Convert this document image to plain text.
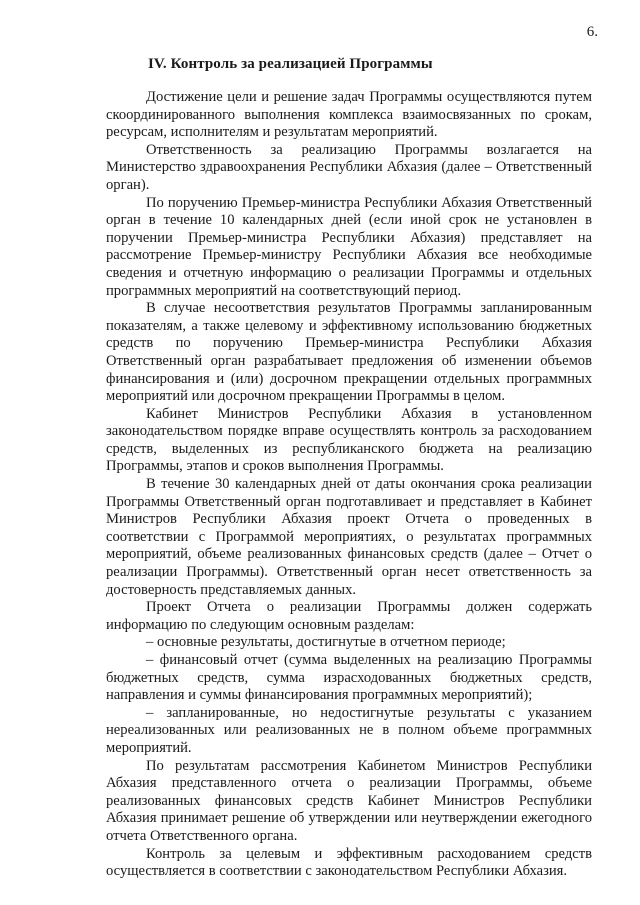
6.
IV. Контроль за реализацией Программы

Достижение цели и решение задач Программы осуществляются путем скоординированного выполнения комплекса взаимосвязанных по срокам, ресурсам, исполнителям и результатам мероприятий.

Ответственность за реализацию Программы возлагается на Министерство здравоохранения Республики Абхазия (далее – Ответственный орган).

По поручению Премьер-министра Республики Абхазия Ответственный орган в течение 10 календарных дней (если иной срок не установлен в поручении Премьер-министра Республики Абхазия) представляет на рассмотрение Премьер-министру Республики Абхазия все необходимые сведения и отчетную информацию о реализации Программы и отдельных программных мероприятий на соответствующий период.

В случае несоответствия результатов Программы запланированным показателям, а также целевому и эффективному использованию бюджетных средств по поручению Премьер-министра Республики Абхазия Ответственный орган разрабатывает предложения об изменении объемов финансирования и (или) досрочном прекращении отдельных программных мероприятий или досрочном прекращении Программы в целом.

Кабинет Министров Республики Абхазия в установленном законодательством порядке вправе осуществлять контроль за расходованием средств, выделенных из республиканского бюджета на реализацию Программы, этапов и сроков выполнения Программы.

В течение 30 календарных дней от даты окончания срока реализации Программы Ответственный орган подготавливает и представляет в Кабинет Министров Республики Абхазия проект Отчета о проведенных в соответствии с Программой мероприятиях, о результатах программных мероприятий, объеме реализованных финансовых средств (далее – Отчет о реализации Программы). Ответственный орган несет ответственность за достоверность представляемых данных.

Проект Отчета о реализации Программы должен содержать информацию по следующим основным разделам:

– основные результаты, достигнутые в отчетном периоде;

– финансовый отчет (сумма выделенных на реализацию Программы бюджетных средств, сумма израсходованных бюджетных средств, направления и суммы финансирования программных мероприятий);

– запланированные, но недостигнутые результаты с указанием нереализованных или реализованных не в полном объеме программных мероприятий.

По результатам рассмотрения Кабинетом Министров Республики Абхазия представленного отчета о реализации Программы, объеме реализованных финансовых средств Кабинет Министров Республики Абхазия принимает решение об утверждении или неутверждении ежегодного отчета Ответственного органа.

Контроль за целевым и эффективным расходованием средств осуществляется в соответствии с законодательством Республики Абхазия.
